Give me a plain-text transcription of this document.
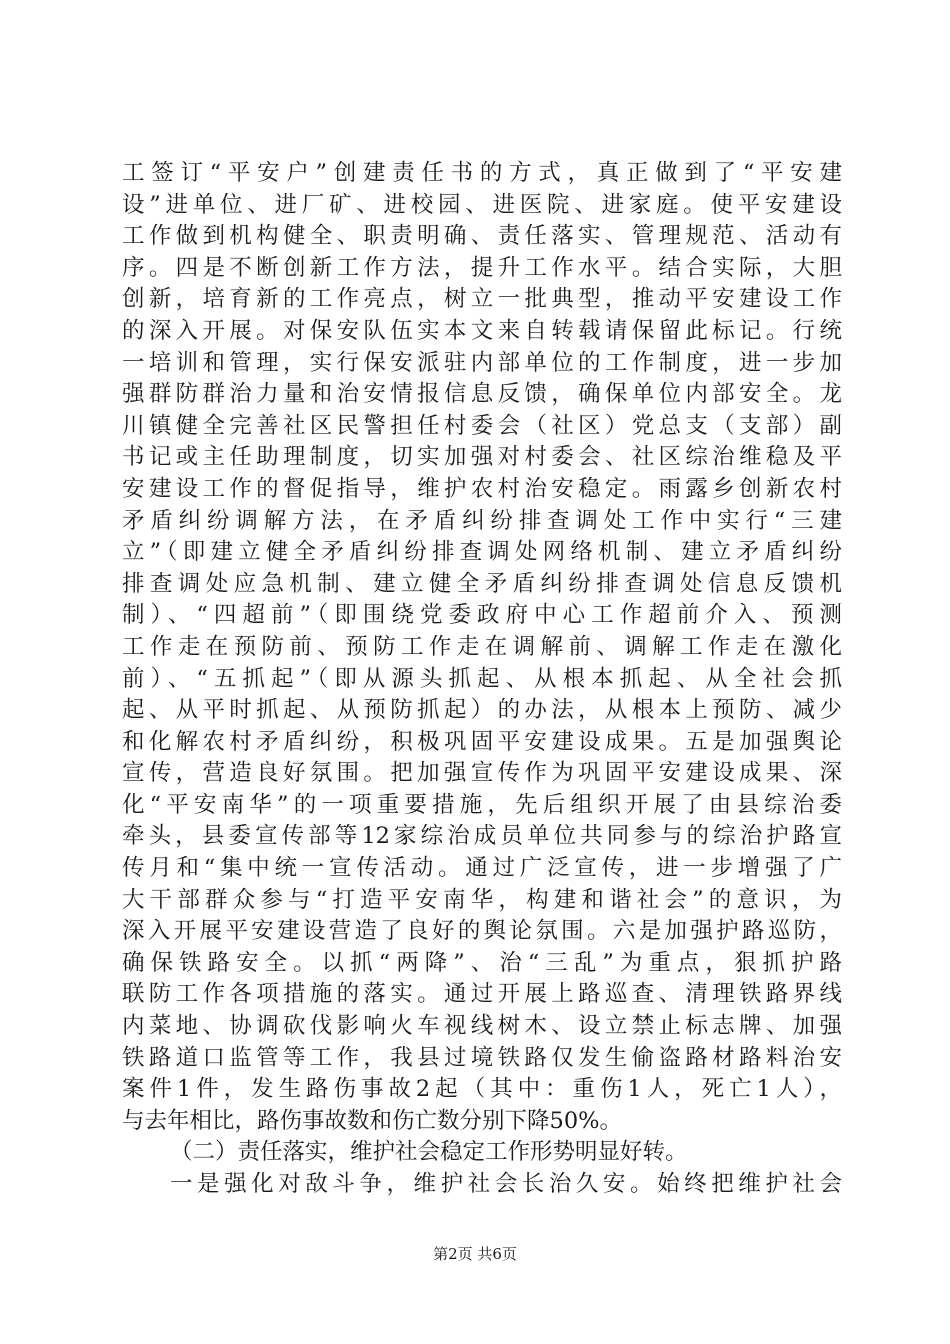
工签订“平安户”创建责任书的方式，真正做到了“平安建
设”进单位、进厂矿、进校园、进医院、进家庭。使平安建设
工作做到机构健全、职责明确、责任落实、管理规范、活动有
序。四是不断创新工作方法，提升工作水平。结合实际，大胆
创新，培育新的工作亮点，树立一批典型，推动平安建设工作
的深入开展。对保安队伍实本文来自转载请保留此标记。行统
一培训和管理，实行保安派驻内部单位的工作制度，进一步加
强群防群治力量和治安情报信息反馈，确保单位内部安全。龙
川镇健全完善社区民警担任村委会（社区）党总支（支部）副
书记或主任助理制度，切实加强对村委会、社区综治维稳及平
安建设工作的督促指导，维护农村治安稳定。雨露乡创新农村
矛盾纠纷调解方法，在矛盾纠纷排查调处工作中实行“三建
立”（即建立健全矛盾纠纷排查调处网络机制、建立矛盾纠纷
排查调处应急机制、建立健全矛盾纠纷排查调处信息反馈机
制）、“四超前”（即围绕党委政府中心工作超前介入、预测
工作走在预防前、预防工作走在调解前、调解工作走在激化
前）、“五抓起”（即从源头抓起、从根本抓起、从全社会抓
起、从平时抓起、从预防抓起）的办法，从根本上预防、减少
和化解农村矛盾纠纷，积极巩固平安建设成果。五是加强舆论
宣传，营造良好氛围。把加强宣传作为巩固平安建设成果、深
化“平安南华”的一项重要措施，先后组织开展了由县综治委
牵头，县委宣传部等12家综治成员单位共同参与的综治护路宣
传月和“集中统一宣传活动。通过广泛宣传，进一步增强了广
大干部群众参与“打造平安南华，构建和谐社会”的意识，为
深入开展平安建设营造了良好的舆论氛围。六是加强护路巡防，
确保铁路安全。以抓“两降”、治“三乱”为重点，狠抓护路
联防工作各项措施的落实。通过开展上路巡查、清理铁路界线
内菜地、协调砍伐影响火车视线树木、设立禁止标志牌、加强
铁路道口监管等工作，我县过境铁路仅发生偷盗路材路料治安
案件1件，发生路伤事故2起（其中：重伤1人，死亡1人），
与去年相比，路伤事故数和伤亡数分别下降50%。
（二）责任落实，维护社会稳定工作形势明显好转。
一是强化对敌斗争，维护社会长治久安。始终把维护社会
第2页 共6页
